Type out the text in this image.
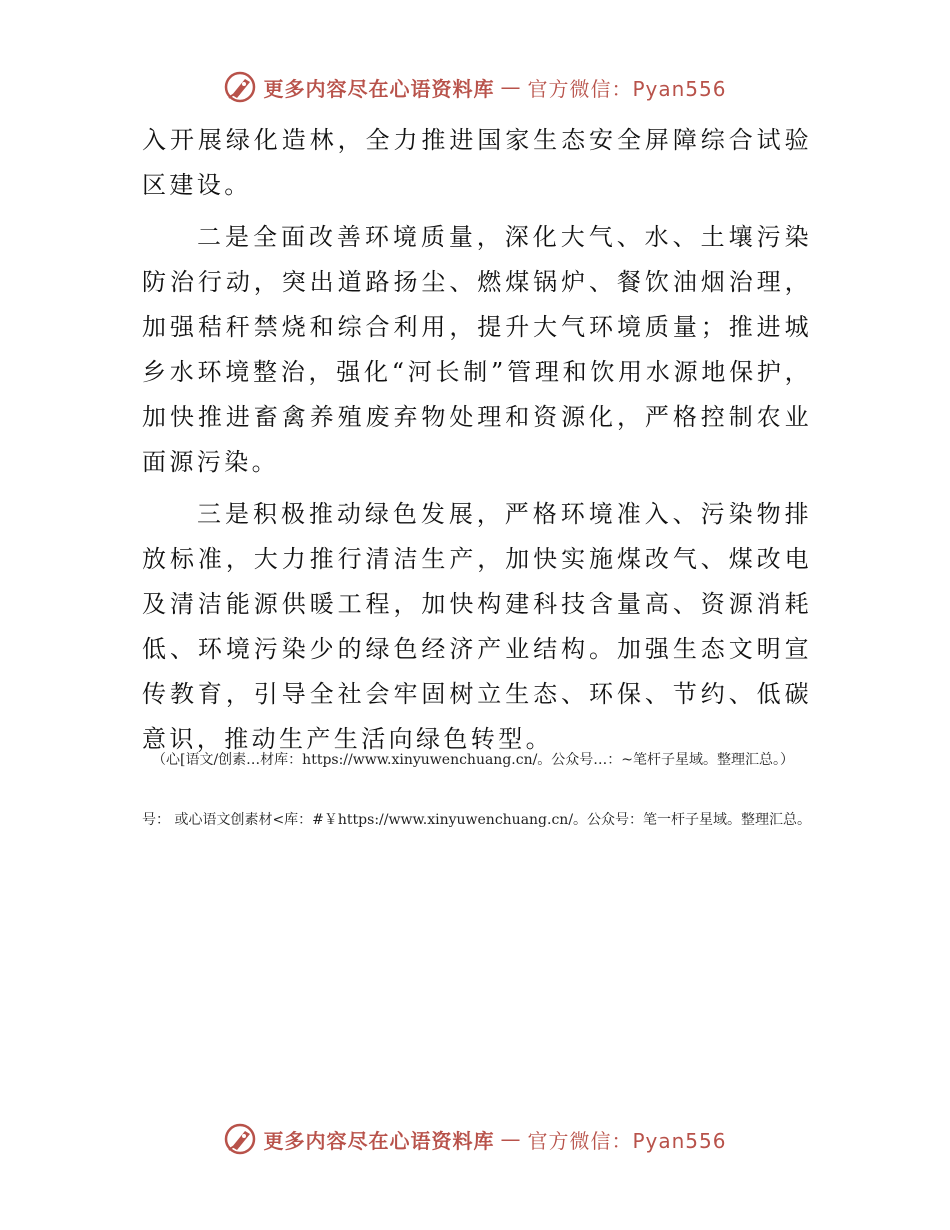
更多内容尽在心语资料库 — 官方微信：Pyan556

入开展绿化造林，全力推进国家生态安全屏障综合试验区建设。

二是全面改善环境质量，深化大气、水、土壤污染防治行动，突出道路扬尘、燃煤锅炉、餐饮油烟治理，加强秸秆禁烧和综合利用，提升大气环境质量；推进城乡水环境整治，强化“河长制”管理和饮用水源地保护，加快推进畜禽养殖废弃物处理和资源化，严格控制农业面源污染。

三是积极推动绿色发展，严格环境准入、污染物排放标准，大力推行清洁生产，加快实施煤改气、煤改电及清洁能源供暖工程，加快构建科技含量高、资源消耗低、环境污染少的绿色经济产业结构。加强生态文明宣传教育，引导全社会牢固树立生态、环保、节约、低碳意识，推动生产生活向绿色转型。

（心[语文/创素…材库：https://www.xinyuwenchuang.cn/。公众号…：~笔杆子星域。整理汇总。）
号： 或心语文创素材<库：#￥https://www.xinyuwenchuang.cn/。公众号：笔一杆子星域。整理汇总。
更多内容尽在心语资料库 — 官方微信：Pyan556
